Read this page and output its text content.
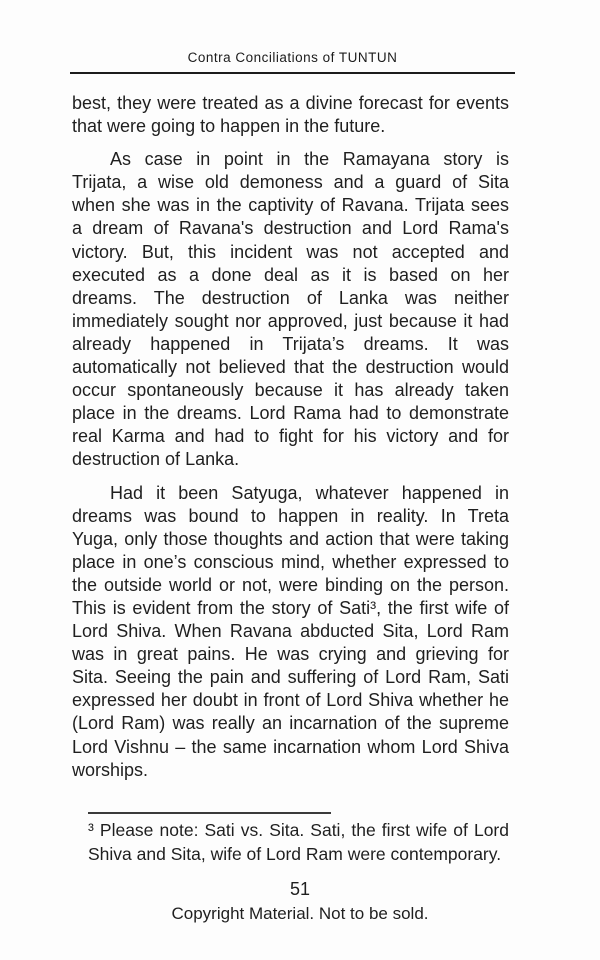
Contra Conciliations of TUNTUN
best, they were treated as a divine forecast for events
that were going to happen in the future.
As case in point in the Ramayana story is
Trijata, a wise old demoness and a guard of Sita
when she was in the captivity of Ravana. Trijata sees
a dream of Ravana's destruction and Lord Rama's
victory. But, this incident was not accepted and
executed as a done deal as it is based on her
dreams. The destruction of Lanka was neither
immediately sought nor approved, just because it had
already happened in Trijata’s dreams. It was
automatically not believed that the destruction would
occur spontaneously because it has already taken
place in the dreams. Lord Rama had to demonstrate
real Karma and had to fight for his victory and for
destruction of Lanka.
Had it been Satyuga, whatever happened in
dreams was bound to happen in reality. In Treta
Yuga, only those thoughts and action that were taking
place in one’s conscious mind, whether expressed to
the outside world or not, were binding on the person.
This is evident from the story of Sati³, the first wife of
Lord Shiva. When Ravana abducted Sita, Lord Ram
was in great pains. He was crying and grieving for
Sita. Seeing the pain and suffering of Lord Ram, Sati
expressed her doubt in front of Lord Shiva whether he
(Lord Ram) was really an incarnation of the supreme
Lord Vishnu – the same incarnation whom Lord Shiva
worships.
³ Please note: Sati vs. Sita. Sati, the first wife of Lord
Shiva and Sita, wife of Lord Ram were contemporary.
51
Copyright Material. Not to be sold.
